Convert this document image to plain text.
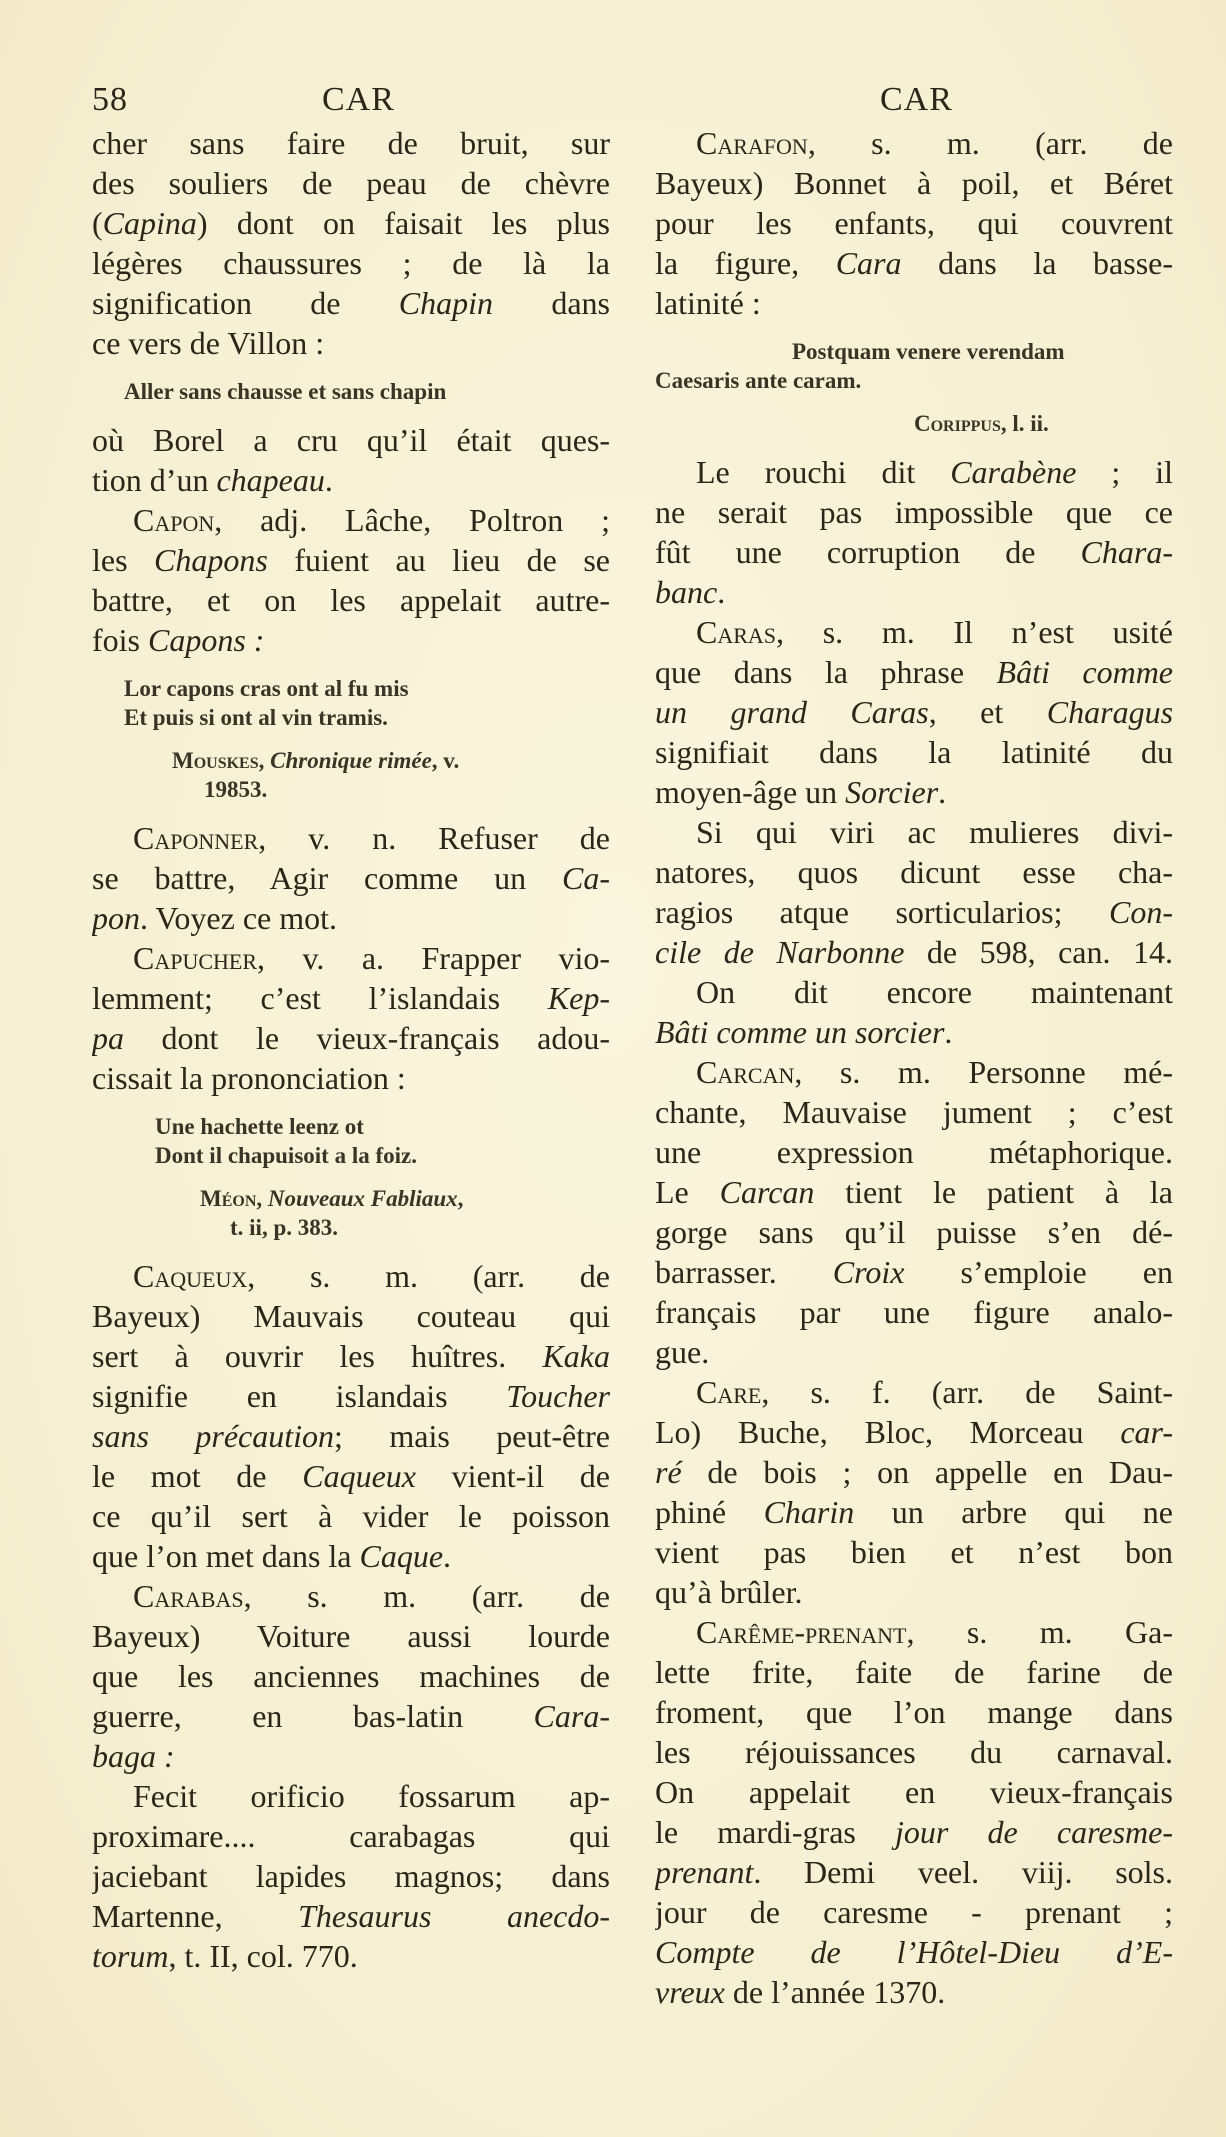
58	CAR	CAR
cher sans faire de bruit, sur
des souliers de peau de chèvre
(Capina) dont on faisait les plus
légères chaussures ; de là la
signification de Chapin dans
ce vers de Villon :
Aller sans chausse et sans chapin
où Borel a cru qu’il était ques-
tion d’un chapeau.
Capon, adj. Lâche, Poltron ;
les Chapons fuient au lieu de se
battre, et on les appelait autre-
fois Capons :
Lor capons cras ont al fu mis
Et puis si ont al vin tramis.
Mouskes, Chronique rimée, v.
19853.
Caponner, v. n. Refuser de
se battre, Agir comme un Ca-
pon. Voyez ce mot.
Capucher, v. a. Frapper vio-
lemment; c’est l’islandais Kep-
pa dont le vieux-français adou-
cissait la prononciation :
Une hachette leenz ot
Dont il chapuisoit a la foiz.
Méon, Nouveaux Fabliaux,
t. ii, p. 383.
Caqueux, s. m. (arr. de
Bayeux) Mauvais couteau qui
sert à ouvrir les huîtres. Kaka
signifie en islandais Toucher
sans précaution; mais peut-être
le mot de Caqueux vient-il de
ce qu’il sert à vider le poisson
que l’on met dans la Caque.
Carabas, s. m. (arr. de
Bayeux) Voiture aussi lourde
que les anciennes machines de
guerre, en bas-latin Cara-
baga :
Fecit orificio fossarum ap-
proximare.... carabagas qui
jaciebant lapides magnos; dans
Martenne, Thesaurus anecdo-
torum, t. II, col. 770.
Carafon, s. m. (arr. de
Bayeux) Bonnet à poil, et Béret
pour les enfants, qui couvrent
la figure, Cara dans la basse-
latinité :
Postquam venere verendam
Caesaris ante caram.
Corippus, l. ii.
Le rouchi dit Carabène ; il
ne serait pas impossible que ce
fût une corruption de Chara-
banc.
Caras, s. m. Il n’est usité
que dans la phrase Bâti comme
un grand Caras, et Charagus
signifiait dans la latinité du
moyen-âge un Sorcier.
Si qui viri ac mulieres divi-
natores, quos dicunt esse cha-
ragios atque sorticularios; Con-
cile de Narbonne de 598, can. 14.
On dit encore maintenant
Bâti comme un sorcier.
Carcan, s. m. Personne mé-
chante, Mauvaise jument ; c’est
une expression métaphorique.
Le Carcan tient le patient à la
gorge sans qu’il puisse s’en dé-
barrasser. Croix s’emploie en
français par une figure analo-
gue.
Care, s. f. (arr. de Saint-
Lo) Buche, Bloc, Morceau car-
ré de bois ; on appelle en Dau-
phiné Charin un arbre qui ne
vient pas bien et n’est bon
qu’à brûler.
Carême-prenant, s. m. Ga-
lette frite, faite de farine de
froment, que l’on mange dans
les réjouissances du carnaval.
On appelait en vieux-français
le mardi-gras jour de caresme-
prenant. Demi veel. viij. sols.
jour de caresme - prenant ;
Compte de l’Hôtel-Dieu d’E-
vreux de l’année 1370.
